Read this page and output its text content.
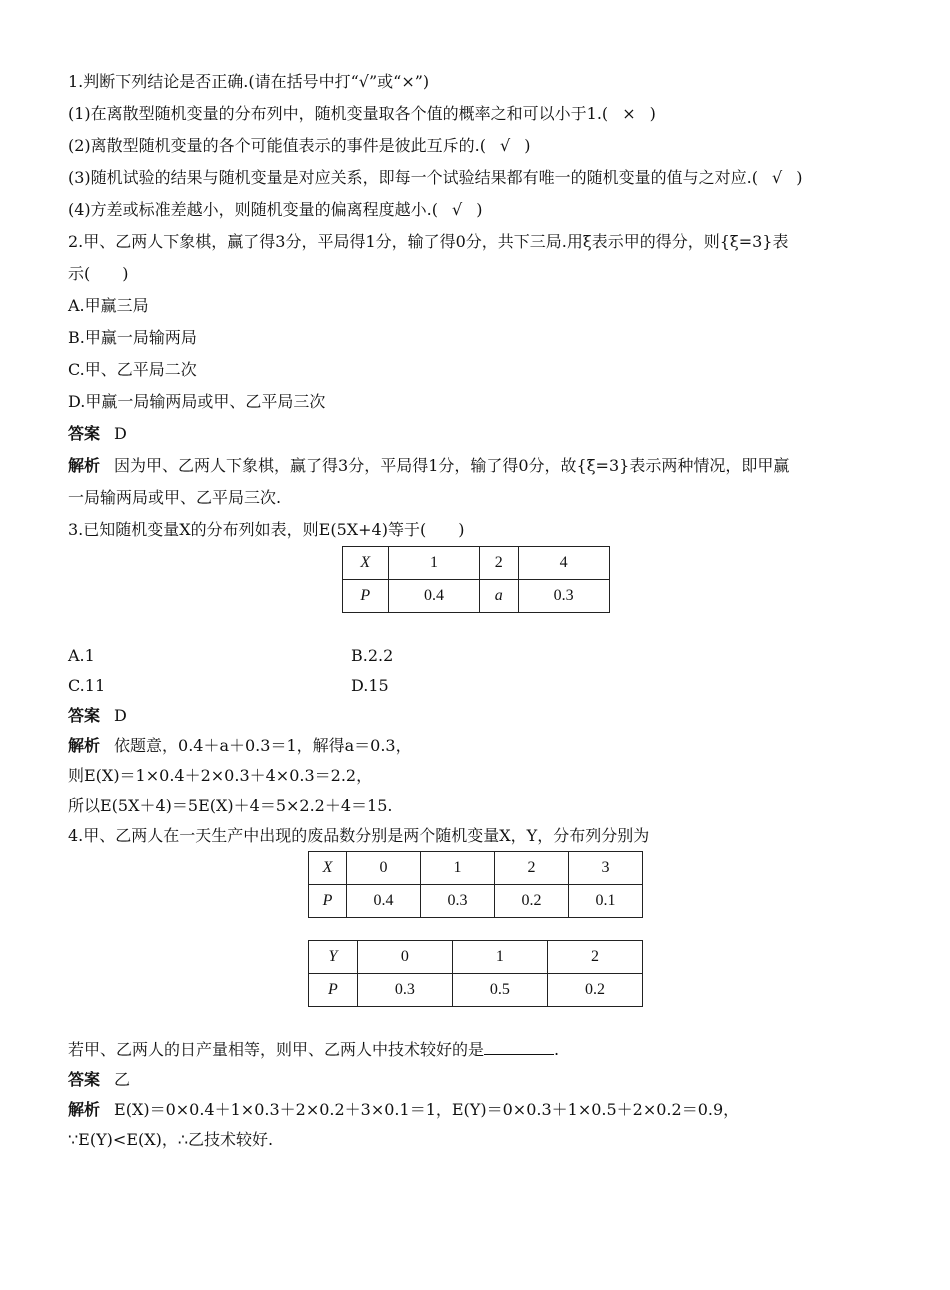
1.判断下列结论是否正确.(请在括号中打“√”或“×”)
(1)在离散型随机变量的分布列中，随机变量取各个值的概率之和可以小于1.( × )
(2)离散型随机变量的各个可能值表示的事件是彼此互斥的.( √ )
(3)随机试验的结果与随机变量是对应关系，即每一个试验结果都有唯一的随机变量的值与之对应.( √ )
(4)方差或标准差越小，则随机变量的偏离程度越小.( √ )
2.甲、乙两人下象棋，赢了得3分，平局得1分，输了得0分，共下三局.用ξ表示甲的得分，则{ξ=3}表
示(　　)
A.甲赢三局
B.甲赢一局输两局
C.甲、乙平局二次
D.甲赢一局输两局或甲、乙平局三次
答案 D
解析 因为甲、乙两人下象棋，赢了得3分，平局得1分，输了得0分，故{ξ=3}表示两种情况，即甲赢
一局输两局或甲、乙平局三次.
3.已知随机变量X的分布列如表，则E(5X+4)等于(　　)
X	1	2	4
P	0.4	a	0.3
A.1	B.2.2
C.11	D.15
答案 D
解析 依题意，0.4＋a＋0.3＝1，解得a＝0.3，
则E(X)＝1×0.4＋2×0.3＋4×0.3＝2.2，
所以E(5X＋4)＝5E(X)＋4＝5×2.2＋4＝15.
4.甲、乙两人在一天生产中出现的废品数分别是两个随机变量X，Y，分布列分别为
X	0	1	2	3
P	0.4	0.3	0.2	0.1
Y	0	1	2
P	0.3	0.5	0.2
若甲、乙两人的日产量相等，则甲、乙两人中技术较好的是	.
答案 乙
解析 E(X)＝0×0.4＋1×0.3＋2×0.2＋3×0.1＝1，E(Y)＝0×0.3＋1×0.5＋2×0.2＝0.9，
∵E(Y)<E(X)，∴乙技术较好.
